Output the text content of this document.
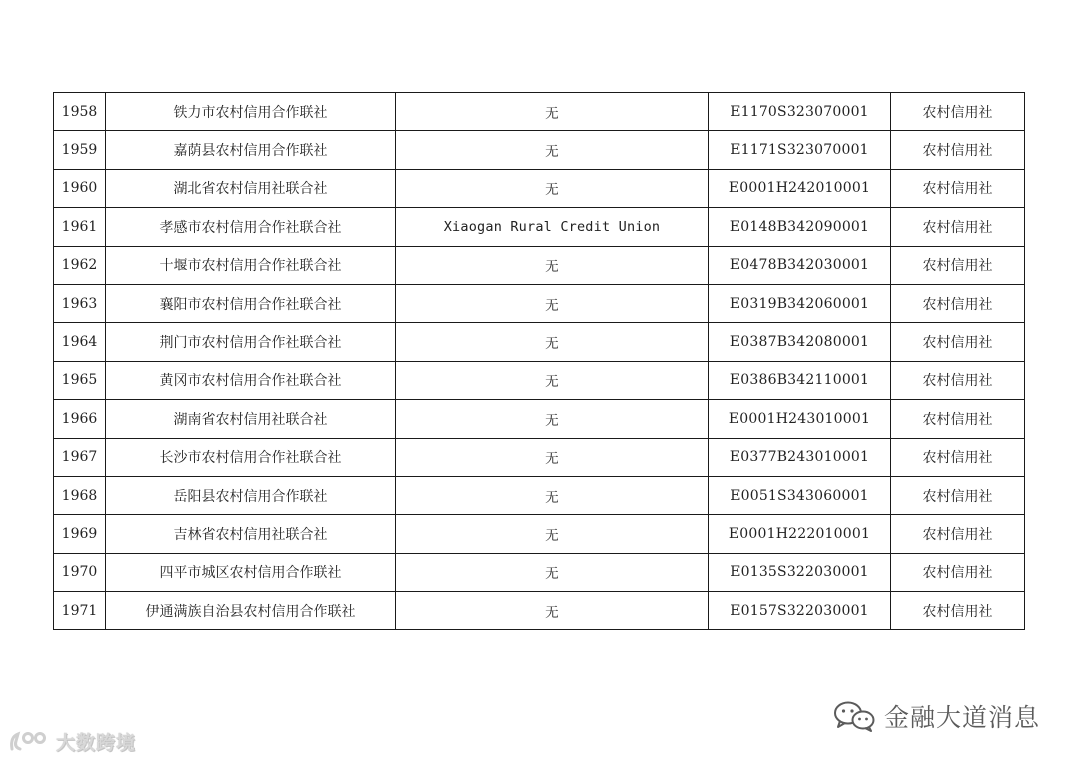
1958	铁力市农村信用合作联社	无	E1170S323070001	农村信用社
1959	嘉荫县农村信用合作联社	无	E1171S323070001	农村信用社
1960	湖北省农村信用社联合社	无	E0001H242010001	农村信用社
1961	孝感市农村信用合作社联合社	Xiaogan Rural Credit Union	E0148B342090001	农村信用社
1962	十堰市农村信用合作社联合社	无	E0478B342030001	农村信用社
1963	襄阳市农村信用合作社联合社	无	E0319B342060001	农村信用社
1964	荆门市农村信用合作社联合社	无	E0387B342080001	农村信用社
1965	黄冈市农村信用合作社联合社	无	E0386B342110001	农村信用社
1966	湖南省农村信用社联合社	无	E0001H243010001	农村信用社
1967	长沙市农村信用合作社联合社	无	E0377B243010001	农村信用社
1968	岳阳县农村信用合作联社	无	E0051S343060001	农村信用社
1969	吉林省农村信用社联合社	无	E0001H222010001	农村信用社
1970	四平市城区农村信用合作联社	无	E0135S322030001	农村信用社
1971	伊通满族自治县农村信用合作联社	无	E0157S322030001	农村信用社
金融大道消息
大数跨境
